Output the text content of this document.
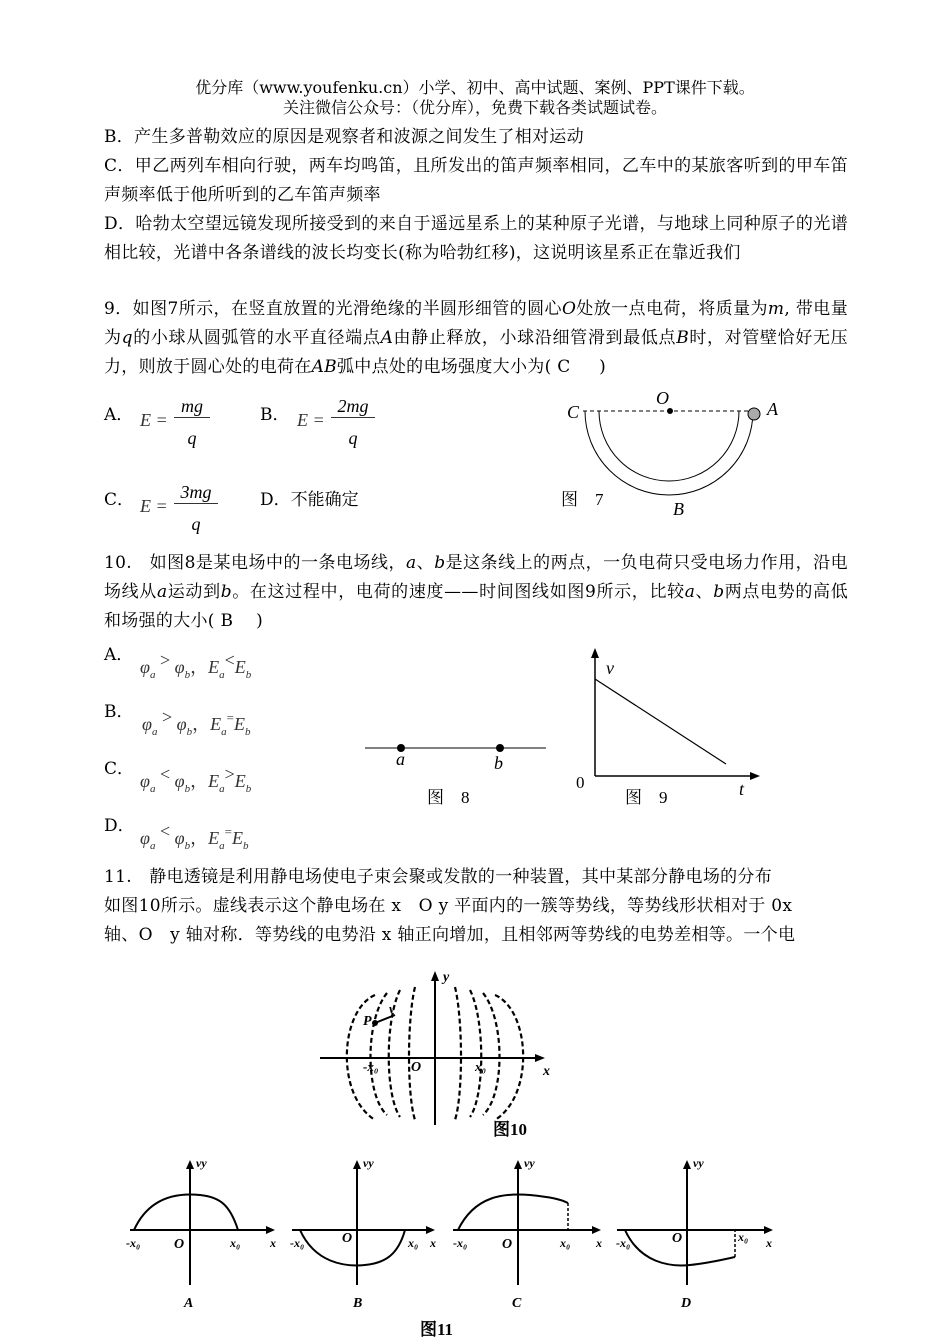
优分库（www.youfenku.cn）小学、初中、高中试题、案例、PPT课件下载。
关注微信公众号：（优分库），免费下载各类试题试卷。
B．产生多普勒效应的原因是观察者和波源之间发生了相对运动
C．甲乙两列车相向行驶，两车均鸣笛，且所发出的笛声频率相同，乙车中的某旅客听到的甲车笛声频率低于他所听到的乙车笛声频率
D．哈勃太空望远镜发现所接受到的来自于遥远星系上的某种原子光谱，与地球上同种原子的光谱相比较，光谱中各条谱线的波长均变长(称为哈勃红移)，这说明该星系正在靠近我们
9．如图7所示，在竖直放置的光滑绝缘的半圆形细管的圆心O处放一点电荷，将质量为m, 带电量为q的小球从圆弧管的水平直径端点A由静止释放，小球沿细管滑到最低点B时，对管壁恰好无压力，则放于圆心处的电荷在AB弧中点处的电场强度大小为( C )
A． E =
mg
q
B． E =
2mg
q
C． E =
3mg
q
D．不能确定
C
O
A
B
图　7
10.　如图8是某电场中的一条电场线，a、b是这条线上的两点，一负电荷只受电场力作用，沿电场线从a运动到b。在这过程中，电荷的速度——时间图线如图9所示，比较a、b两点电势的高低和场强的大小( B )
A．
$\varphi_a > \varphi_b$，$E_a<E_b$
B．
$\varphi_a > \varphi_b$，$E_a^=E_b$
C．
$\varphi_a < \varphi_b$，$E_a>E_b$
D．
$\varphi_a < \varphi_b$，$E_a^=E_b$
a	b
图　8
v
0	t
图　9
11.　静电透镜是利用静电场使电子束会聚或发散的一种装置，其中某部分静电场的分布
如图10所示。虚线表示这个静电场在 x　O y 平面内的一簇等势线，等势线形状相对于 0x
轴、O　y 轴对称．等势线的电势沿 x 轴正向增加，且相邻两等势线的电势差相等。一个电
y
x
P
v
-x₀ O	x₀
图10
vy
x
-x₀ O	x₀
A
vy
x
-x₀	O	x₀
B
vy
x
-x₀ O	x₀
C
vy
x
-x₀	O	x₀
D
图11
